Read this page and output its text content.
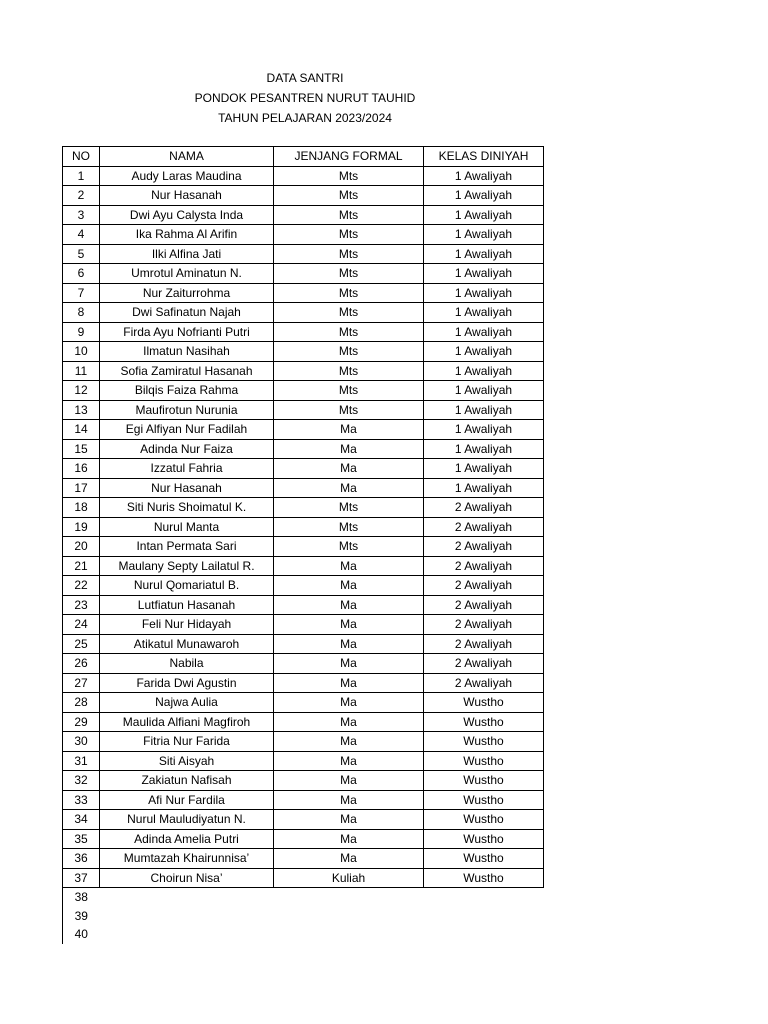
DATA SANTRI
PONDOK PESANTREN NURUT TAUHID
TAHUN PELAJARAN 2023/2024
NO	NAMA	JENJANG FORMAL	KELAS DINIYAH
1	Audy Laras Maudina	Mts	1 Awaliyah
2	Nur Hasanah	Mts	1 Awaliyah
3	Dwi Ayu Calysta Inda	Mts	1 Awaliyah
4	Ika Rahma Al Arifin	Mts	1 Awaliyah
5	Ilki Alfina Jati	Mts	1 Awaliyah
6	Umrotul Aminatun N.	Mts	1 Awaliyah
7	Nur Zaiturrohma	Mts	1 Awaliyah
8	Dwi Safinatun Najah	Mts	1 Awaliyah
9	Firda Ayu Nofrianti Putri	Mts	1 Awaliyah
10	Ilmatun Nasihah	Mts	1 Awaliyah
11	Sofia Zamiratul Hasanah	Mts	1 Awaliyah
12	Bilqis Faiza Rahma	Mts	1 Awaliyah
13	Maufirotun Nurunia	Mts	1 Awaliyah
14	Egi Alfiyan Nur Fadilah	Ma	1 Awaliyah
15	Adinda Nur Faiza	Ma	1 Awaliyah
16	Izzatul Fahria	Ma	1 Awaliyah
17	Nur Hasanah	Ma	1 Awaliyah
18	Siti Nuris Shoimatul K.	Mts	2 Awaliyah
19	Nurul Manta	Mts	2 Awaliyah
20	Intan Permata Sari	Mts	2 Awaliyah
21	Maulany Septy Lailatul R.	Ma	2 Awaliyah
22	Nurul Qomariatul B.	Ma	2 Awaliyah
23	Lutfiatun Hasanah	Ma	2 Awaliyah
24	Feli Nur Hidayah	Ma	2 Awaliyah
25	Atikatul Munawaroh	Ma	2 Awaliyah
26	Nabila	Ma	2 Awaliyah
27	Farida Dwi Agustin	Ma	2 Awaliyah
28	Najwa Aulia	Ma	Wustho
29	Maulida Alfiani Magfiroh	Ma	Wustho
30	Fitria Nur Farida	Ma	Wustho
31	Siti Aisyah	Ma	Wustho
32	Zakiatun Nafisah	Ma	Wustho
33	Afi Nur Fardila	Ma	Wustho
34	Nurul Mauludiyatun N.	Ma	Wustho
35	Adinda Amelia Putri	Ma	Wustho
36	Mumtazah Khairunnisa’	Ma	Wustho
37	Choirun Nisa’	Kuliah	Wustho
38			
39			
40			
